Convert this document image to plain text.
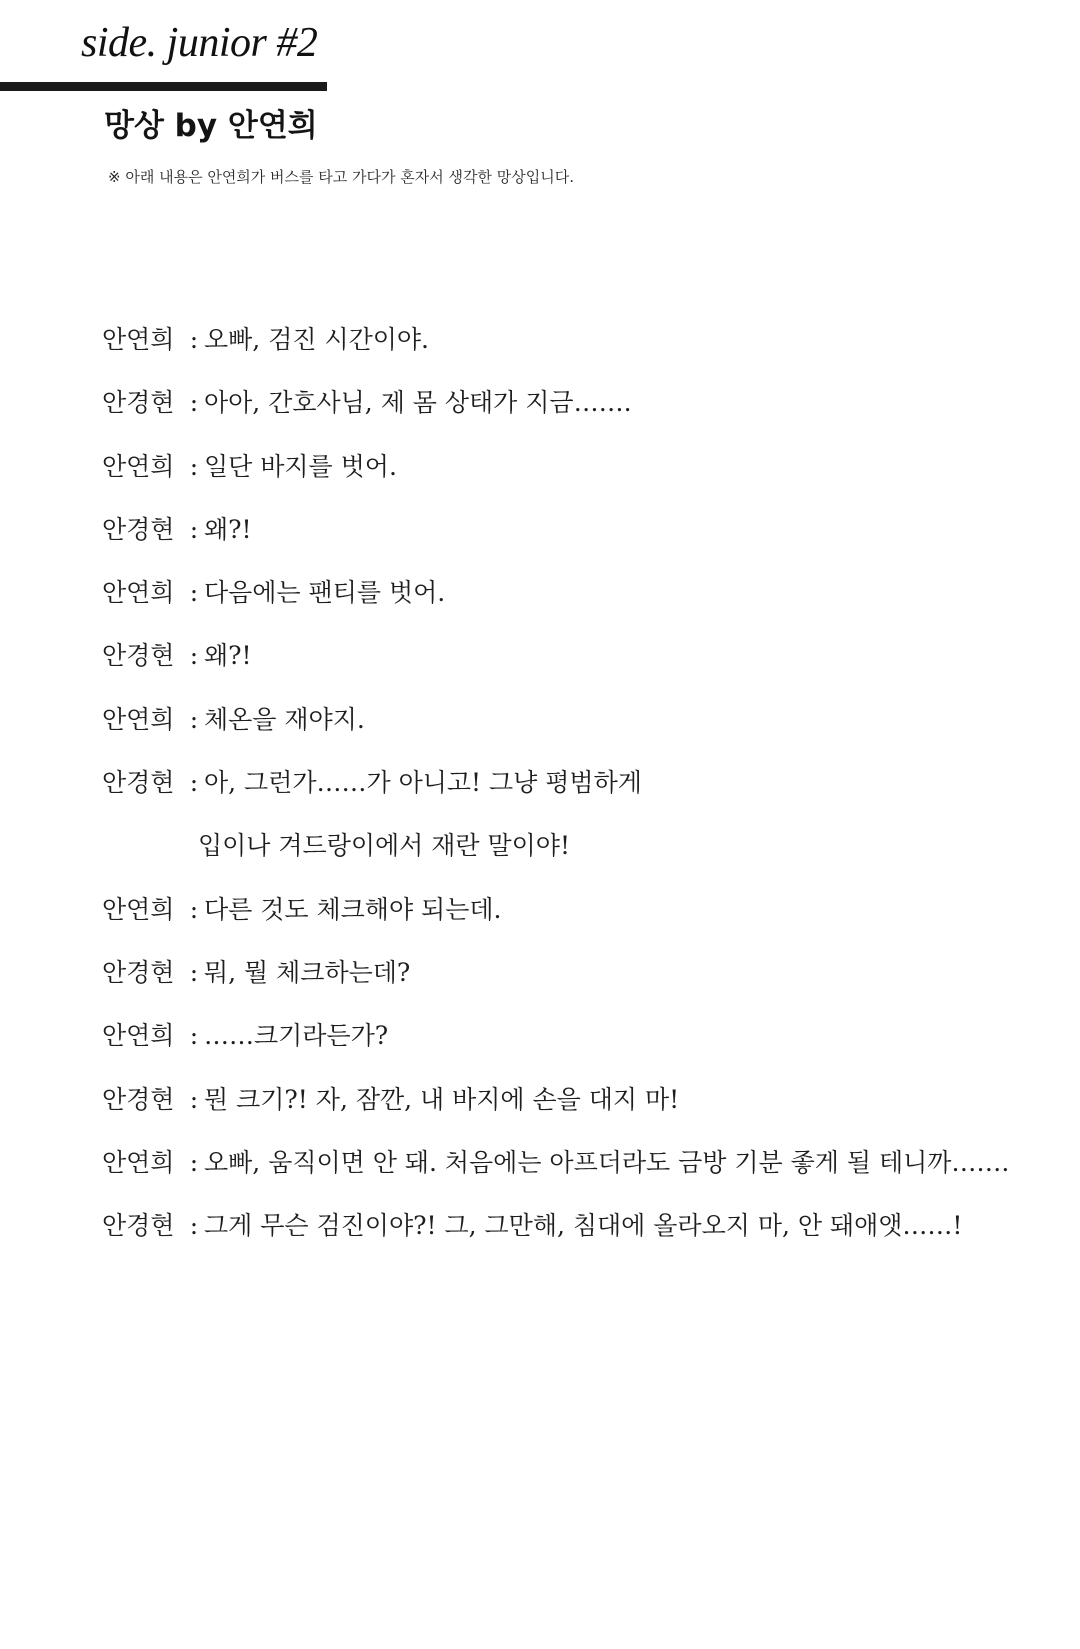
side. junior #2
망상 by 안연희
※ 아래 내용은 안연희가 버스를 타고 가다가 혼자서 생각한 망상입니다.
안연희 : 오빠, 검진 시간이야.
안경현 : 아아, 간호사님, 제 몸 상태가 지금…….
안연희 : 일단 바지를 벗어.
안경현 : 왜?!
안연희 : 다음에는 팬티를 벗어.
안경현 : 왜?!
안연희 : 체온을 재야지.
안경현 : 아, 그런가……가 아니고! 그냥 평범하게
입이나 겨드랑이에서 재란 말이야!
안연희 : 다른 것도 체크해야 되는데.
안경현 : 뭐, 뭘 체크하는데?
안연희 : ……크기라든가?
안경현 : 뭔 크기?! 자, 잠깐, 내 바지에 손을 대지 마!
안연희 : 오빠, 움직이면 안 돼. 처음에는 아프더라도 금방 기분 좋게 될 테니까…….
안경현 : 그게 무슨 검진이야?! 그, 그만해, 침대에 올라오지 마, 안 돼애앳……!
